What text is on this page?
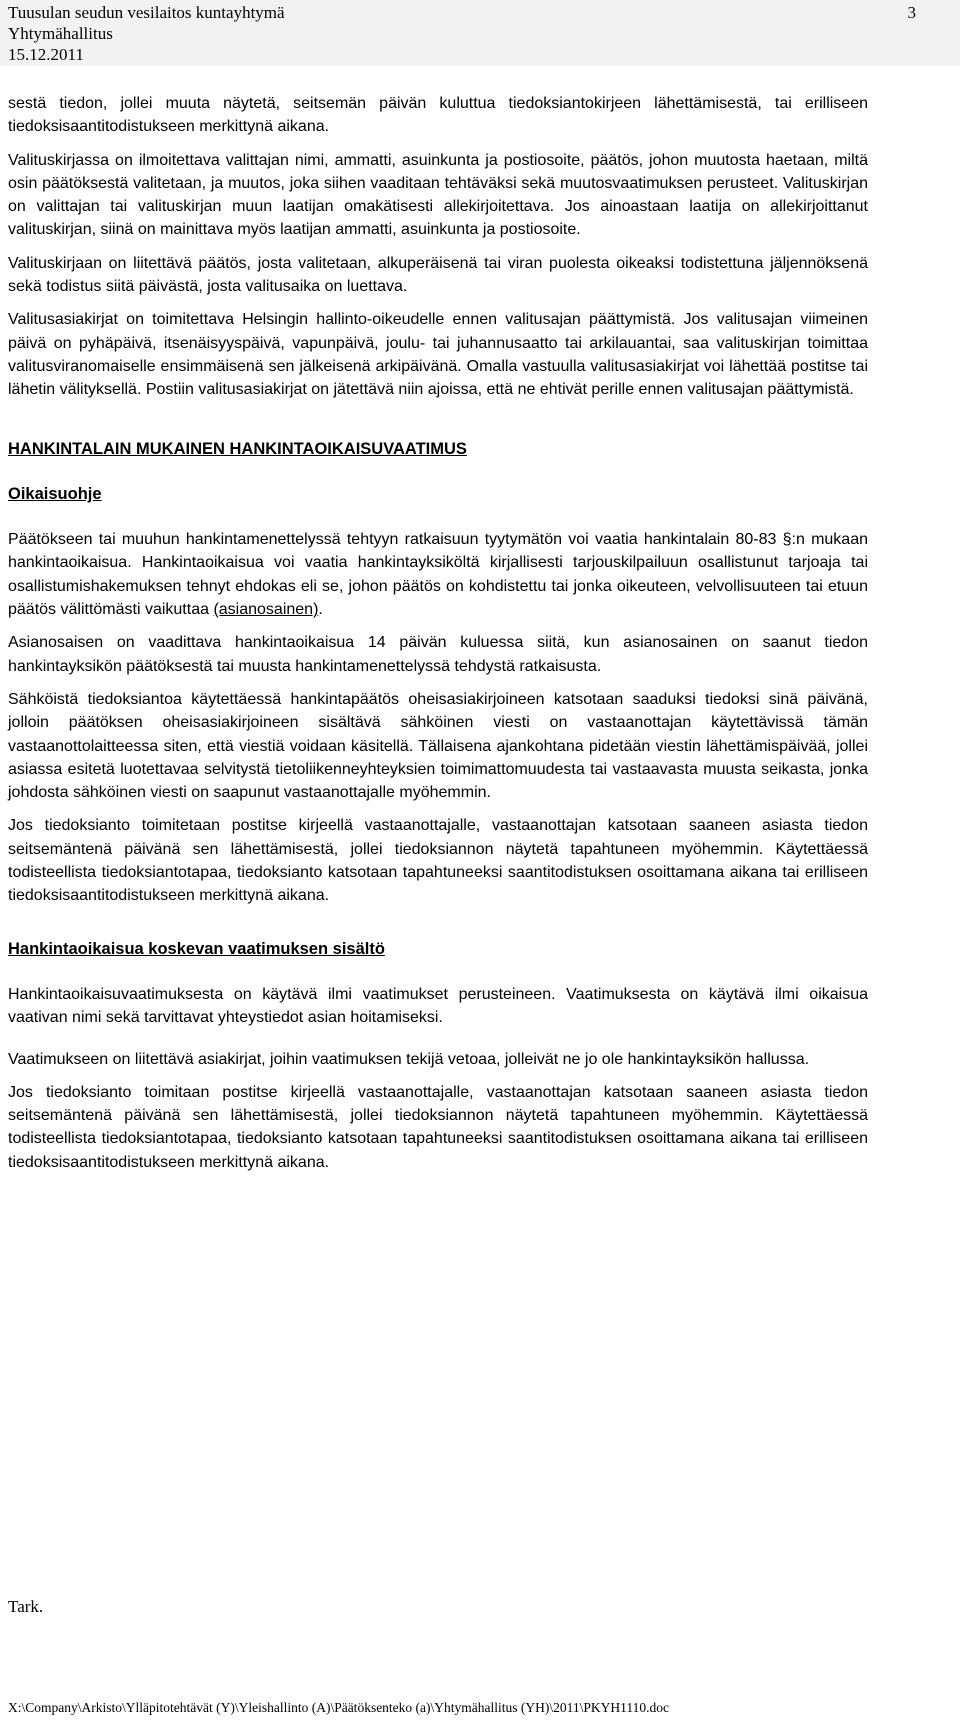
Tuusulan seudun vesilaitos kuntayhtymä
Yhtymähallitus
15.12.2011
3

sestä tiedon, jollei muuta näytetä, seitsemän päivän kuluttua tiedoksiantokirjeen lähettämisestä, tai erilliseen tiedoksisaantitodistukseen merkittynä aikana.

Valituskirjassa on ilmoitettava valittajan nimi, ammatti, asuinkunta ja postiosoite, päätös, johon muutosta haetaan, miltä osin päätöksestä valitetaan, ja muutos, joka siihen vaaditaan tehtäväksi sekä muutosvaatimuksen perusteet. Valituskirjan on valittajan tai valituskirjan muun laatijan omakätisesti allekirjoitettava. Jos ainoastaan laatija on allekirjoittanut valituskirjan, siinä on mainittava myös laatijan ammatti, asuinkunta ja postiosoite.

Valituskirjaan on liitettävä päätös, josta valitetaan, alkuperäisenä tai viran puolesta oikeaksi todistettuna jäljennöksenä sekä todistus siitä päivästä, josta valitusaika on luettava.

Valitusasiakirjat on toimitettava Helsingin hallinto-oikeudelle ennen valitusajan päättymistä. Jos valitusajan viimeinen päivä on pyhäpäivä, itsenäisyyspäivä, vapunpäivä, joulu- tai juhannusaatto tai arkilauantai, saa valituskirjan toimittaa valitusviranomaiselle ensimmäisenä sen jälkeisenä arkipäivänä. Omalla vastuulla valitusasiakirjat voi lähettää postitse tai lähetin välityksellä. Postiin valitusasiakirjat on jätettävä niin ajoissa, että ne ehtivät perille ennen valitusajan päättymistä.

HANKINTALAIN MUKAINEN HANKINTAOIKAISUVAATIMUS

Oikaisuohje

Päätökseen tai muuhun hankintamenettelyssä tehtyyn ratkaisuun tyytymätön voi vaatia hankintalain 80-83 §:n mukaan hankintaoikaisua. Hankintaoikaisua voi vaatia hankintayksiköltä kirjallisesti tarjouskilpailuun osallistunut tarjoaja tai osallistumishakemuksen tehnyt ehdokas eli se, johon päätös on kohdistettu tai jonka oikeuteen, velvollisuuteen tai etuun päätös välittömästi vaikuttaa (asianosainen).

Asianosaisen on vaadittava hankintaoikaisua 14 päivän kuluessa siitä, kun asianosainen on saanut tiedon hankintayksikön päätöksestä tai muusta hankintamenettelyssä tehdystä ratkaisusta.

Sähköistä tiedoksiantoa käytettäessä hankintapäätös oheisasiakirjoineen katsotaan saaduksi tiedoksi sinä päivänä, jolloin päätöksen oheisasiakirjoineen sisältävä sähköinen viesti on vastaanottajan käytettävissä tämän vastaanottolaitteessa siten, että viestiä voidaan käsitellä. Tällaisena ajankohtana pidetään viestin lähettämispäivää, jollei asiassa esitetä luotettavaa selvitystä tietoliikenneyhteyksien toimimattomuudesta tai vastaavasta muusta seikasta, jonka johdosta sähköinen viesti on saapunut vastaanottajalle myöhemmin.

Jos tiedoksianto toimitetaan postitse kirjeellä vastaanottajalle, vastaanottajan katsotaan saaneen asiasta tiedon seitsemäntenä päivänä sen lähettämisestä, jollei tiedoksiannon näytetä tapahtuneen myöhemmin. Käytettäessä todisteellista tiedoksiantotapaa, tiedoksianto katsotaan tapahtuneeksi saantitodistuksen osoittamana aikana tai erilliseen tiedoksisaantitodistukseen merkittynä aikana.

Hankintaoikaisua koskevan vaatimuksen sisältö

Hankintaoikaisuvaatimuksesta on käytävä ilmi vaatimukset perusteineen. Vaatimuksesta on käytävä ilmi oikaisua vaativan nimi sekä tarvittavat yhteystiedot asian hoitamiseksi.

Vaatimukseen on liitettävä asiakirjat, joihin vaatimuksen tekijä vetoaa, jolleivät ne jo ole hankintayksikön hallussa.

Jos tiedoksianto toimitaan postitse kirjeellä vastaanottajalle, vastaanottajan katsotaan saaneen asiasta tiedon seitsemäntenä päivänä sen lähettämisestä, jollei tiedoksiannon näytetä tapahtuneen myöhemmin. Käytettäessä todisteellista tiedoksiantotapaa, tiedoksianto katsotaan tapahtuneeksi saantitodistuksen osoittamana aikana tai erilliseen tiedoksisaantitodistukseen merkittynä aikana.

Tark.
X:\Company\Arkisto\Ylläpitotehtävät (Y)\Yleishallinto (A)\Päätöksenteko (a)\Yhtymähallitus (YH)\2011\PKYH1110.doc
